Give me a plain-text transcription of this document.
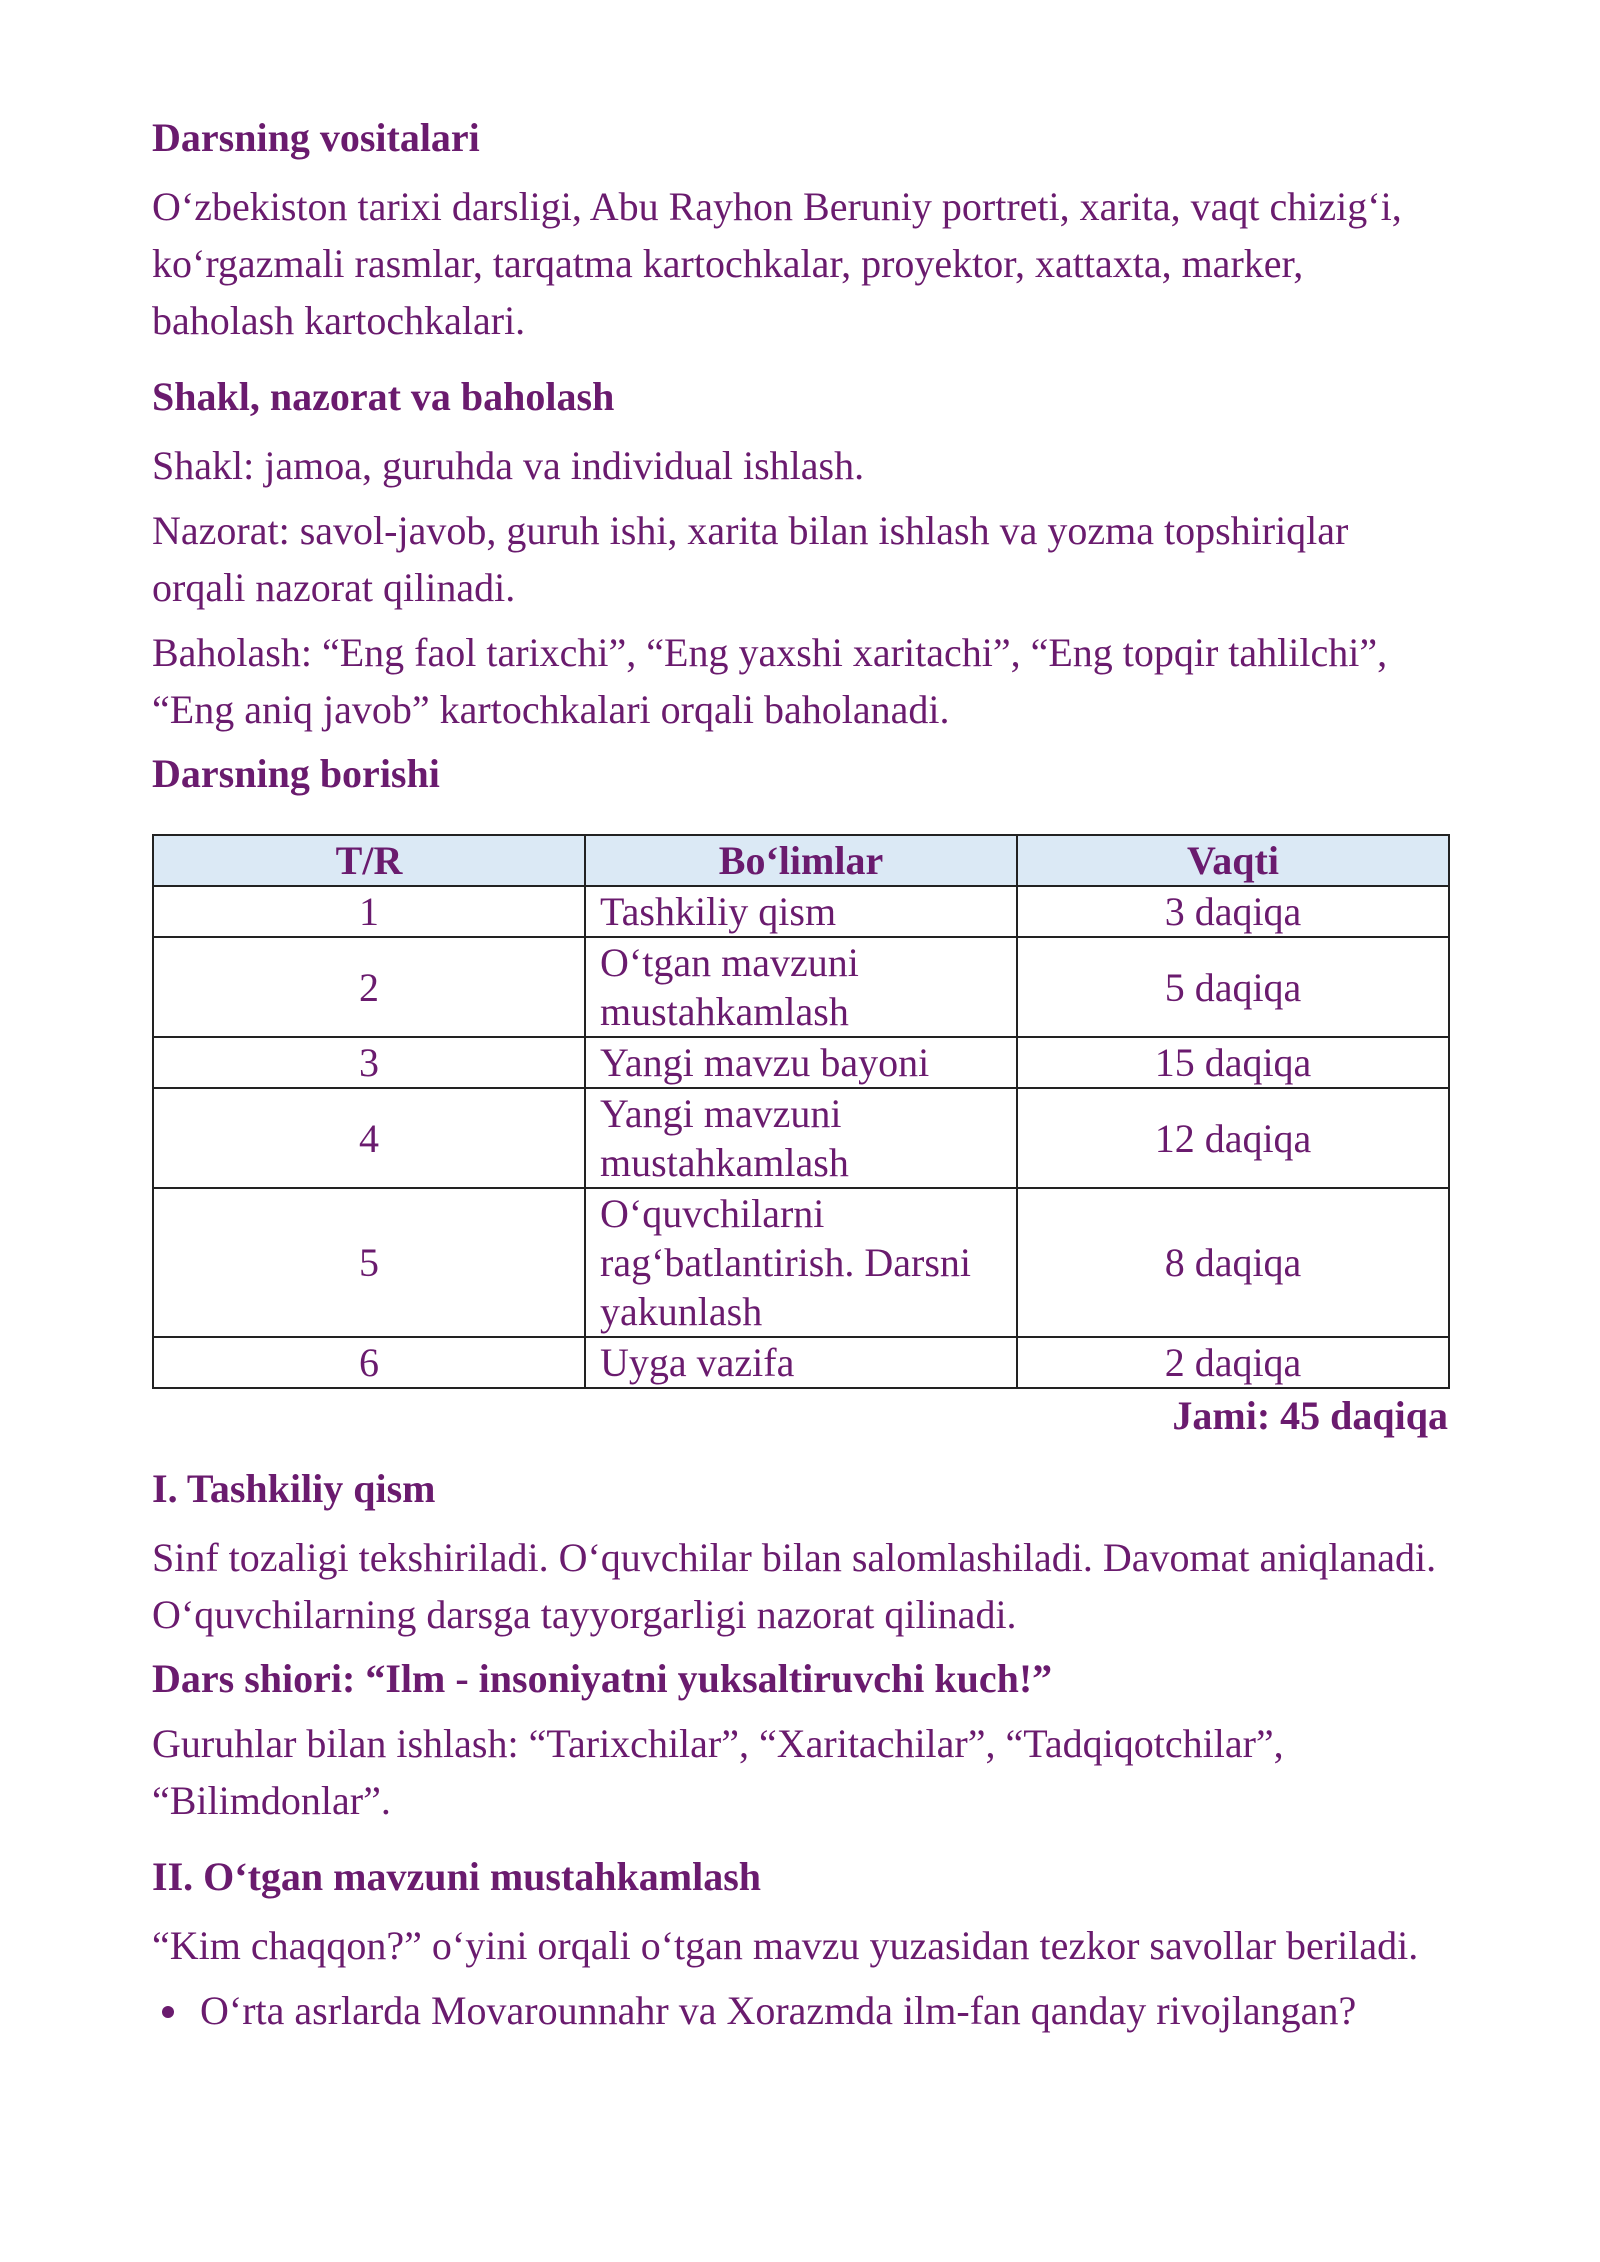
Darsning vositalari
O‘zbekiston tarixi darsligi, Abu Rayhon Beruniy portreti, xarita, vaqt chizig‘i, ko‘rgazmali rasmlar, tarqatma kartochkalar, proyektor, xattaxta, marker, baholash kartochkalari.
Shakl, nazorat va baholash
Shakl: jamoa, guruhda va individual ishlash.
Nazorat: savol-javob, guruh ishi, xarita bilan ishlash va yozma topshiriqlar orqali nazorat qilinadi.
Baholash: “Eng faol tarixchi”, “Eng yaxshi xaritachi”, “Eng topqir tahlilchi”, “Eng aniq javob” kartochkalari orqali baholanadi.
Darsning borishi
T/R	Bo‘limlar	Vaqti
1	Tashkiliy qism	3 daqiqa
2	O‘tgan mavzuni mustahkamlash	5 daqiqa
3	Yangi mavzu bayoni	15 daqiqa
4	Yangi mavzuni mustahkamlash	12 daqiqa
5	O‘quvchilarni rag‘batlantirish. Darsni yakunlash	8 daqiqa
6	Uyga vazifa	2 daqiqa
Jami: 45 daqiqa
I. Tashkiliy qism
Sinf tozaligi tekshiriladi. O‘quvchilar bilan salomlashiladi. Davomat aniqlanadi. O‘quvchilarning darsga tayyorgarligi nazorat qilinadi.
Dars shiori: “Ilm - insoniyatni yuksaltiruvchi kuch!”
Guruhlar bilan ishlash: “Tarixchilar”, “Xaritachilar”, “Tadqiqotchilar”, “Bilimdonlar”.
II. O‘tgan mavzuni mustahkamlash
“Kim chaqqon?” o‘yini orqali o‘tgan mavzu yuzasidan tezkor savollar beriladi.
O‘rta asrlarda Movarounnahr va Xorazmda ilm-fan qanday rivojlangan?
